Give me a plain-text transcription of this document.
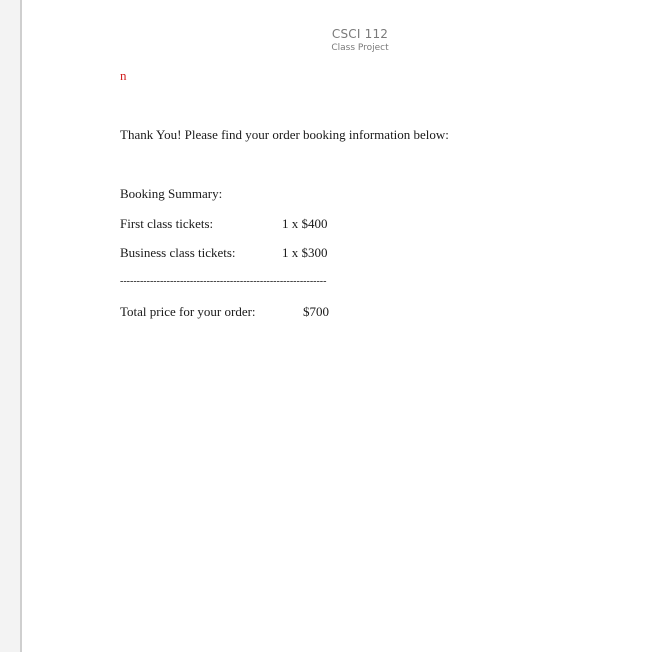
CSCI 112
Class Project
n
Thank You! Please find your order booking information below:
Booking Summary:
First class tickets:	1 x $400
Business class tickets:	1 x $300
--------------------------------------------------------------
Total price for your order:	$700
